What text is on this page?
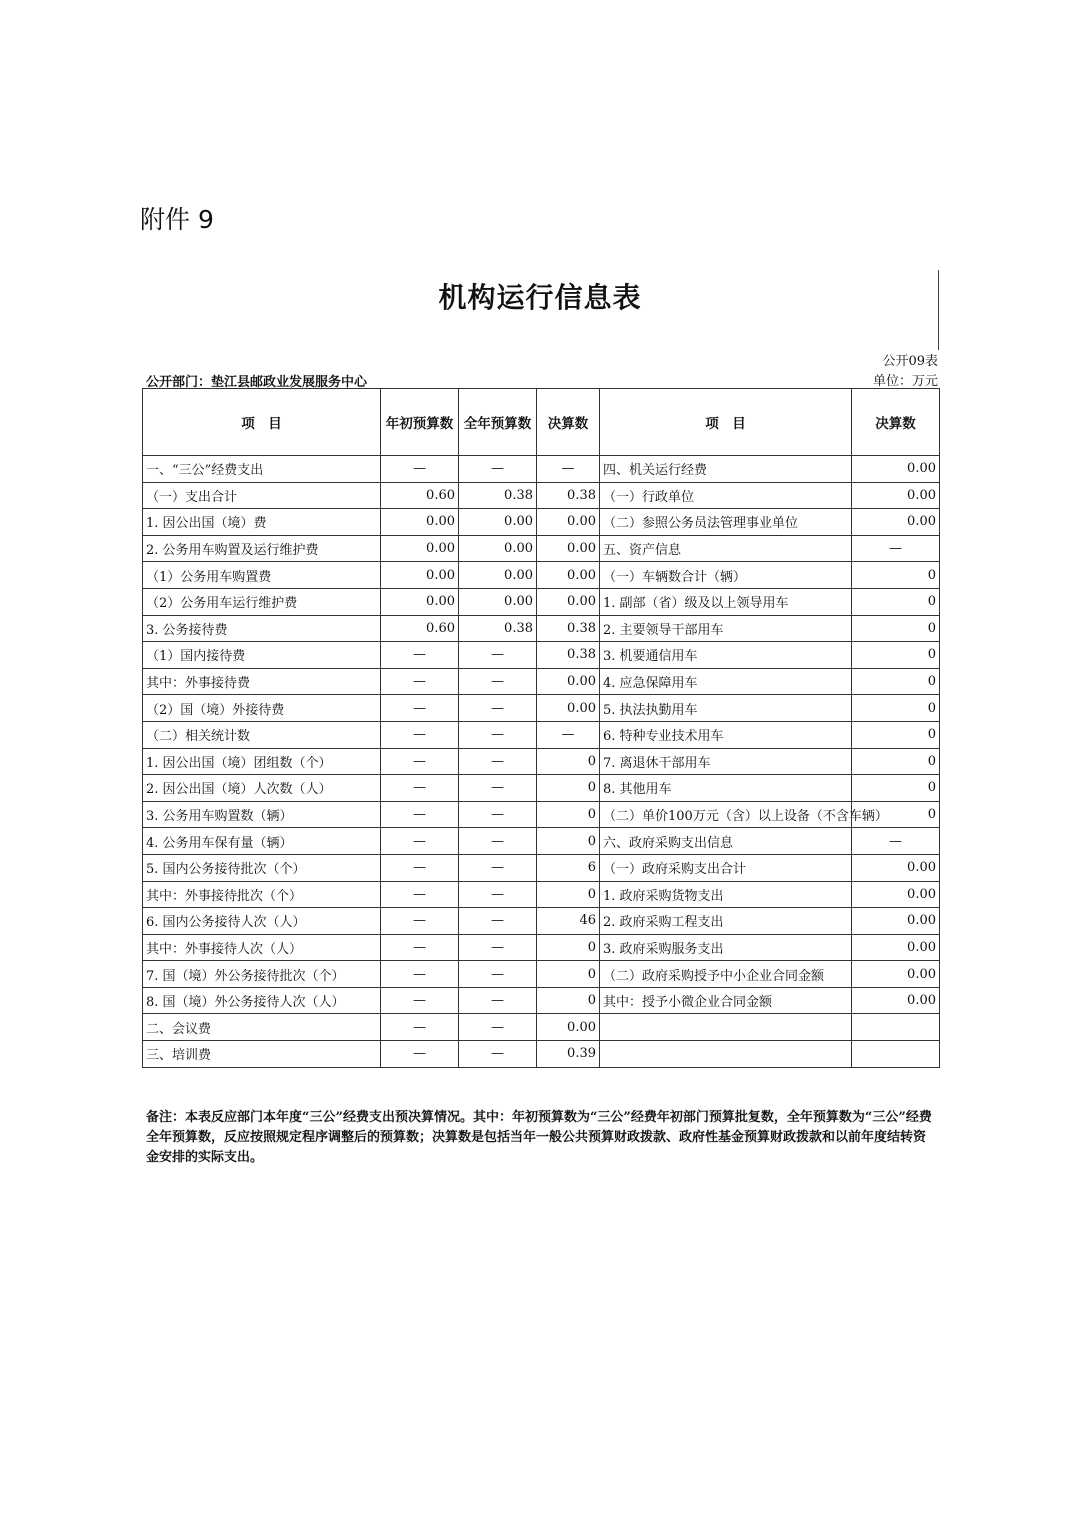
附件 9
机构运行信息表
公开09表
公开部门：垫江县邮政业发展服务中心	单位：万元
项　目	年初预算数	全年预算数	决算数	项　目	决算数
一、“三公”经费支出	—	—	—	四、机关运行经费	0.00
（一）支出合计	0.60	0.38	0.38	（一）行政单位	0.00
1. 因公出国（境）费	0.00	0.00	0.00	（二）参照公务员法管理事业单位	0.00
2. 公务用车购置及运行维护费	0.00	0.00	0.00	五、资产信息	—
（1）公务用车购置费	0.00	0.00	0.00	（一）车辆数合计（辆）	0
（2）公务用车运行维护费	0.00	0.00	0.00	1. 副部（省）级及以上领导用车	0
3. 公务接待费	0.60	0.38	0.38	2. 主要领导干部用车	0
（1）国内接待费	—	—	0.38	3. 机要通信用车	0
其中：外事接待费	—	—	0.00	4. 应急保障用车	0
（2）国（境）外接待费	—	—	0.00	5. 执法执勤用车	0
（二）相关统计数	—	—	—	6. 特种专业技术用车	0
1. 因公出国（境）团组数（个）	—	—	0	7. 离退休干部用车	0
2. 因公出国（境）人次数（人）	—	—	0	8. 其他用车	0
3. 公务用车购置数（辆）	—	—	0	（二）单价100万元（含）以上设备（不含车辆）	0
4. 公务用车保有量（辆）	—	—	0	六、政府采购支出信息	—
5. 国内公务接待批次（个）	—	—	6	（一）政府采购支出合计	0.00
其中：外事接待批次（个）	—	—	0	1. 政府采购货物支出	0.00
6. 国内公务接待人次（人）	—	—	46	2. 政府采购工程支出	0.00
其中：外事接待人次（人）	—	—	0	3. 政府采购服务支出	0.00
7. 国（境）外公务接待批次（个）	—	—	0	（二）政府采购授予中小企业合同金额	0.00
8. 国（境）外公务接待人次（人）	—	—	0	其中：授予小微企业合同金额	0.00
二、会议费	—	—	0.00		
三、培训费	—	—	0.39		
备注：本表反应部门本年度“三公”经费支出预决算情况。其中：年初预算数为“三公”经费年初部门预算批复数，全年预算数为“三公”经费全年预算数，反应按照规定程序调整后的预算数；决算数是包括当年一般公共预算财政拨款、政府性基金预算财政拨款和以前年度结转资金安排的实际支出。
